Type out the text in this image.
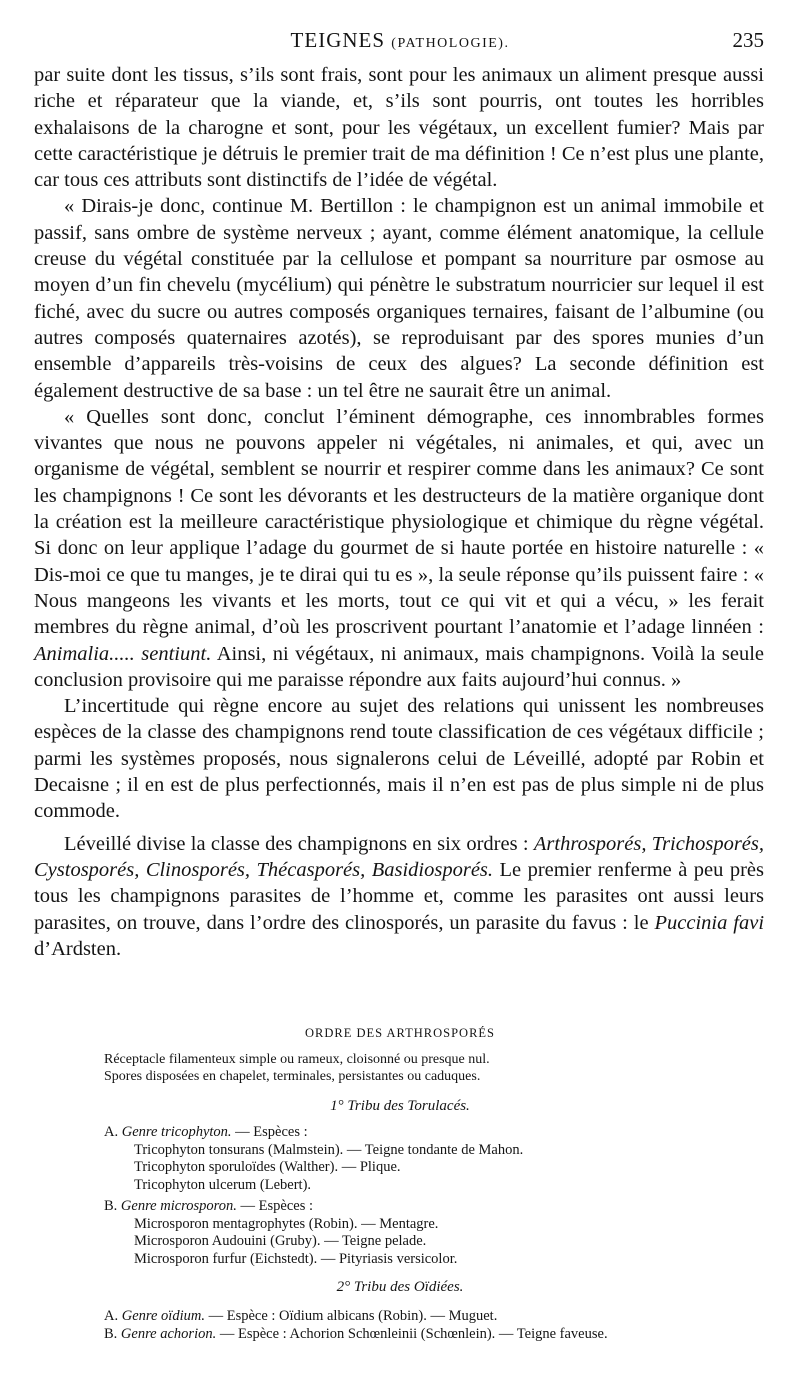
TEIGNES (PATHOLOGIE).	235

par suite dont les tissus, s’ils sont frais, sont pour les animaux un aliment presque aussi riche et réparateur que la viande, et, s’ils sont pourris, ont toutes les horribles exhalaisons de la charogne et sont, pour les végétaux, un excellent fumier? Mais par cette caractéristique je détruis le premier trait de ma définition ! Ce n’est plus une plante, car tous ces attributs sont distinctifs de l’idée de végétal.

« Dirais-je donc, continue M. Bertillon : le champignon est un animal immobile et passif, sans ombre de système nerveux ; ayant, comme élément anatomique, la cellule creuse du végétal constituée par la cellulose et pompant sa nourriture par osmose au moyen d’un fin chevelu (mycélium) qui pénètre le substratum nourricier sur lequel il est fiché, avec du sucre ou autres composés organiques ternaires, faisant de l’albumine (ou autres composés quaternaires azotés), se reproduisant par des spores munies d’un ensemble d’appareils très-voisins de ceux des algues? La seconde définition est également destructive de sa base : un tel être ne saurait être un animal.

« Quelles sont donc, conclut l’éminent démographe, ces innombrables formes vivantes que nous ne pouvons appeler ni végétales, ni animales, et qui, avec un organisme de végétal, semblent se nourrir et respirer comme dans les animaux? Ce sont les champignons ! Ce sont les dévorants et les destructeurs de la matière organique dont la création est la meilleure caractéristique physiologique et chimique du règne végétal. Si donc on leur applique l’adage du gourmet de si haute portée en histoire naturelle : « Dis-moi ce que tu manges, je te dirai qui tu es », la seule réponse qu’ils puissent faire : « Nous mangeons les vivants et les morts, tout ce qui vit et qui a vécu, » les ferait membres du règne animal, d’où les proscrivent pourtant l’anatomie et l’adage linnéen : Animalia..... sentiunt. Ainsi, ni végétaux, ni animaux, mais champignons. Voilà la seule conclusion provisoire qui me paraisse répondre aux faits aujourd’hui connus. »

L’incertitude qui règne encore au sujet des relations qui unissent les nombreuses espèces de la classe des champignons rend toute classification de ces végétaux difficile ; parmi les systèmes proposés, nous signalerons celui de Léveillé, adopté par Robin et Decaisne ; il en est de plus perfectionnés, mais il n’en est pas de plus simple ni de plus commode.

Léveillé divise la classe des champignons en six ordres : Arthrosporés, Trichosporés, Cystosporés, Clinosporés, Thécasporés, Basidiosporés. Le premier renferme à peu près tous les champignons parasites de l’homme et, comme les parasites ont aussi leurs parasites, on trouve, dans l’ordre des clinosporés, un parasite du favus : le Puccinia favi d’Ardsten.

ORDRE DES ARTHROSPORÉS
Réceptacle filamenteux simple ou rameux, cloisonné ou presque nul.
Spores disposées en chapelet, terminales, persistantes ou caduques.
1° Tribu des Torulacés.
A. Genre tricophyton. — Espèces :
Tricophyton tonsurans (Malmstein). — Teigne tondante de Mahon.
Tricophyton sporuloïdes (Walther). — Plique.
Tricophyton ulcerum (Lebert).
B. Genre microsporon. — Espèces :
Microsporon mentagrophytes (Robin). — Mentagre.
Microsporon Audouini (Gruby). — Teigne pelade.
Microsporon furfur (Eichstedt). — Pityriasis versicolor.
2° Tribu des Oïdiées.
A. Genre oïdium. — Espèce : Oïdium albicans (Robin). — Muguet.
B. Genre achorion. — Espèce : Achorion Schœnleinii (Schœnlein). — Teigne faveuse.
